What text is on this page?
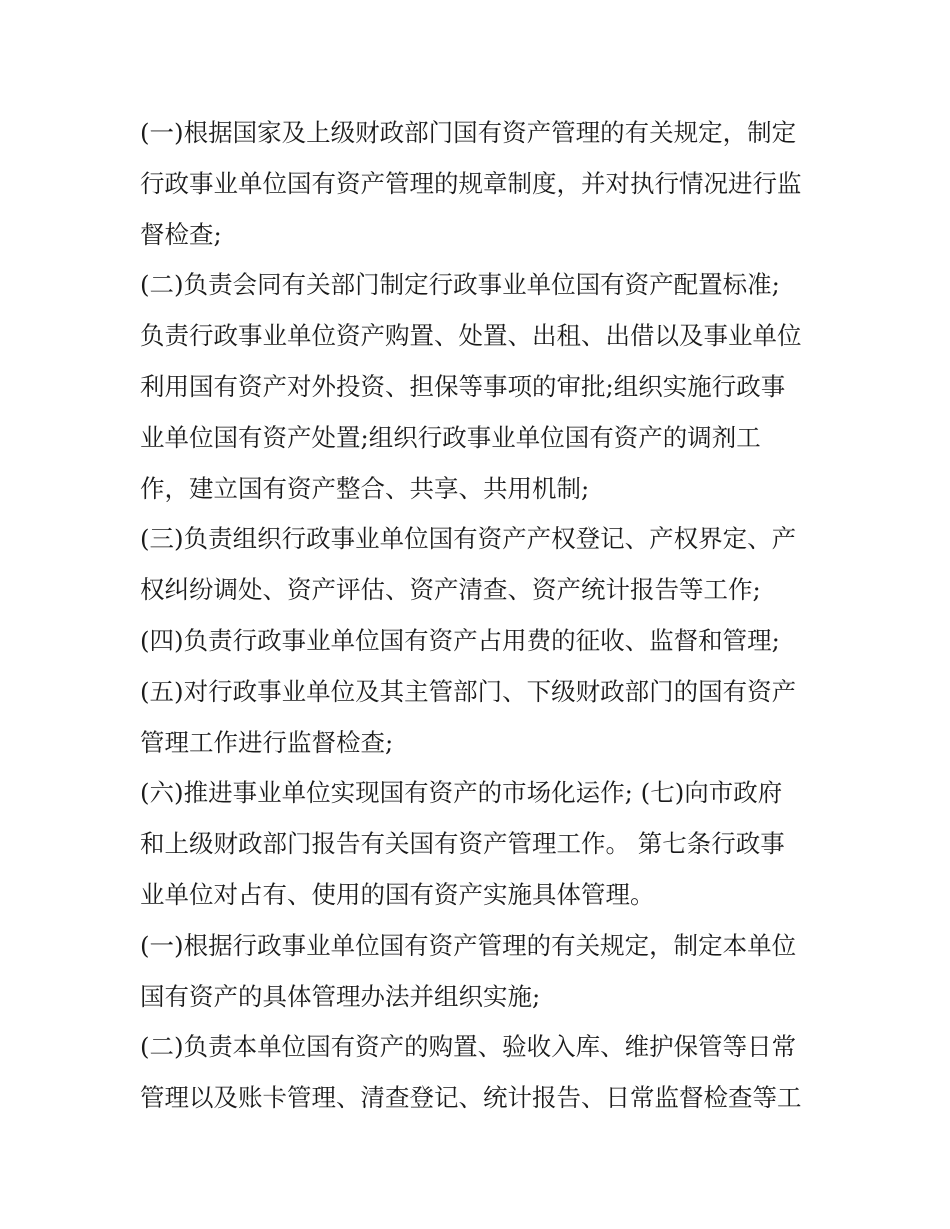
(一)根据国家及上级财政部门国有资产管理的有关规定，制定
行政事业单位国有资产管理的规章制度，并对执行情况进行监
督检查;
(二)负责会同有关部门制定行政事业单位国有资产配置标准;
负责行政事业单位资产购置、处置、出租、出借以及事业单位
利用国有资产对外投资、担保等事项的审批;组织实施行政事
业单位国有资产处置;组织行政事业单位国有资产的调剂工
作，建立国有资产整合、共享、共用机制;
(三)负责组织行政事业单位国有资产产权登记、产权界定、产
权纠纷调处、资产评估、资产清查、资产统计报告等工作;
(四)负责行政事业单位国有资产占用费的征收、监督和管理;
(五)对行政事业单位及其主管部门、下级财政部门的国有资产
管理工作进行监督检查;
(六)推进事业单位实现国有资产的市场化运作; (七)向市政府
和上级财政部门报告有关国有资产管理工作。 第七条行政事
业单位对占有、使用的国有资产实施具体管理。
(一)根据行政事业单位国有资产管理的有关规定，制定本单位
国有资产的具体管理办法并组织实施;
(二)负责本单位国有资产的购置、验收入库、维护保管等日常
管理以及账卡管理、清查登记、统计报告、日常监督检查等工
